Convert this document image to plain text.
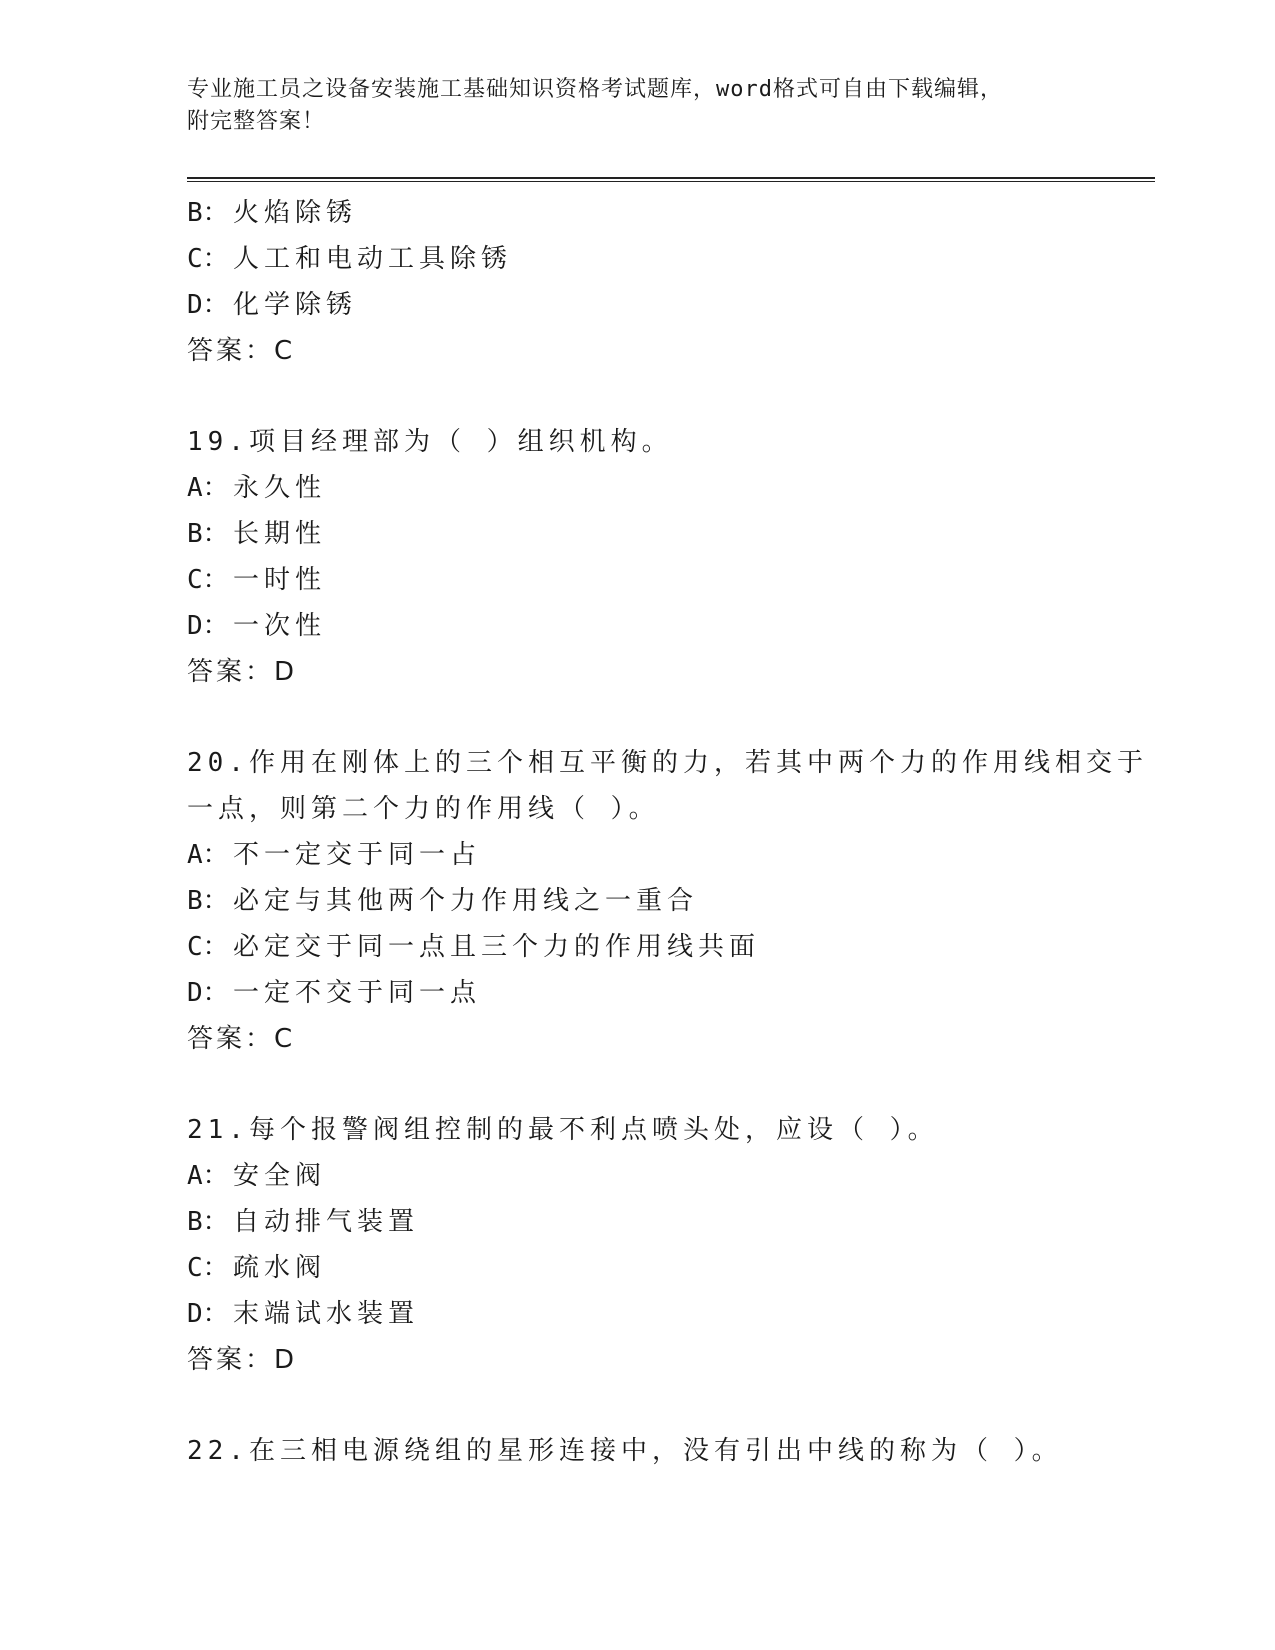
专业施工员之设备安装施工基础知识资格考试题库，word格式可自由下载编辑，
附完整答案！
B： 火焰除锈
C： 人工和电动工具除锈
D： 化学除锈
答案：C
19.项目经理部为（ ）组织机构。
A： 永久性
B： 长期性
C： 一时性
D： 一次性
答案：D
20.作用在刚体上的三个相互平衡的力，若其中两个力的作用线相交于
一点，则第二个力的作用线（ ）。
A： 不一定交于同一占
B： 必定与其他两个力作用线之一重合
C： 必定交于同一点且三个力的作用线共面
D： 一定不交于同一点
答案：C
21.每个报警阀组控制的最不利点喷头处，应设（ ）。
A： 安全阀
B： 自动排气装置
C： 疏水阀
D： 末端试水装置
答案：D
22.在三相电源绕组的星形连接中，没有引出中线的称为（ ）。
